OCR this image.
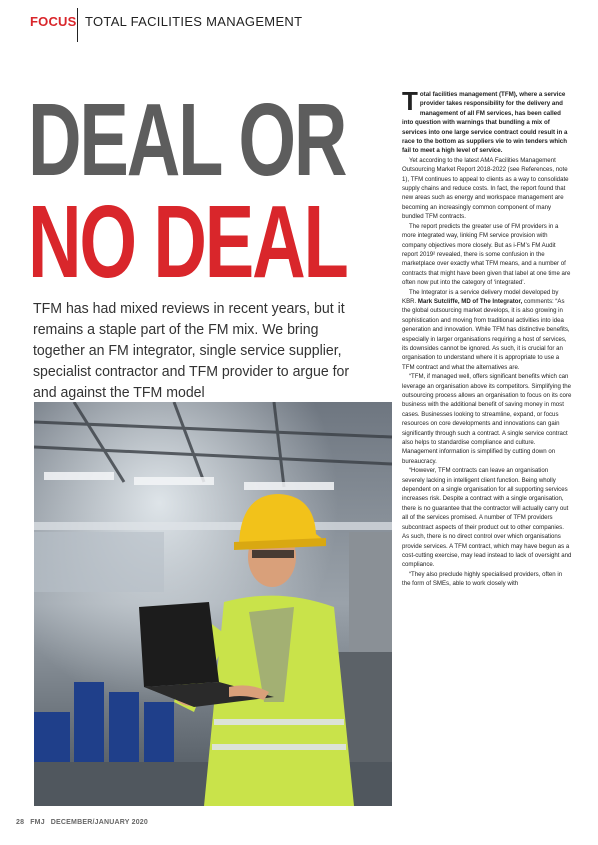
FOCUS TOTAL FACILITIES MANAGEMENT
DEAL OR
NO DEAL
TFM has had mixed reviews in recent years, but it remains a staple part of the FM mix. We bring together an FM integrator, single service supplier, specialist contractor and TFM provider to argue for and against the TFM model

Total facilities management (TFM), where a service provider takes responsibility for the delivery and management of all FM services, has been called into question with warnings that bundling a mix of services into one large service contract could result in a race to the bottom as suppliers vie to win tenders which fail to meet a high level of service.

Yet according to the latest AMA Facilities Management Outsourcing Market Report 2018-2022 (see References, note 1), TFM continues to appeal to clients as a way to consolidate supply chains and reduce costs. In fact, the report found that new areas such as energy and workspace management are becoming an increasingly common component of many bundled TFM contracts.

The report predicts the greater use of FM providers in a more integrated way, linking FM service provision with company objectives more closely. But as i-FM’s FM Audit report 2019² revealed, there is some confusion in the marketplace over exactly what TFM means, and a number of contracts that might have been given that label at one time are often now put into the category of ‘integrated’.

The Integrator is a service delivery model developed by KBR. Mark Sutcliffe, MD of The Integrator, comments: “As the global outsourcing market develops, it is also growing in sophistication and moving from traditional activities into idea generation and innovation. While TFM has distinctive benefits, especially in larger organisations requiring a host of services, its downsides cannot be ignored. As such, it is crucial for an organisation to understand where it is appropriate to use a TFM contract and what the alternatives are.

“TFM, if managed well, offers significant benefits which can leverage an organisation above its competitors. Simplifying the outsourcing process allows an organisation to focus on its core business with the additional benefit of saving money in most cases. Businesses looking to streamline, expand, or focus resources on core developments and innovations can gain significantly through such a contract. A single service contract also helps to standardise compliance and culture. Management information is simplified by cutting down on bureaucracy.

“However, TFM contracts can leave an organisation severely lacking in intelligent client function. Being wholly dependent on a single organisation for all supporting services increases risk. Despite a contract with a single organisation, there is no guarantee that the contractor will actually carry out all of the services promised. A number of TFM providers subcontract aspects of their product out to other companies. As such, there is no direct control over which organisations provide services. A TFM contract, which may have begun as a cost-cutting exercise, may lead instead to lack of oversight and compliance.

“They also preclude highly specialised providers, often in the form of SMEs, able to work closely with

28 FMJ DECEMBER/JANUARY 2020
